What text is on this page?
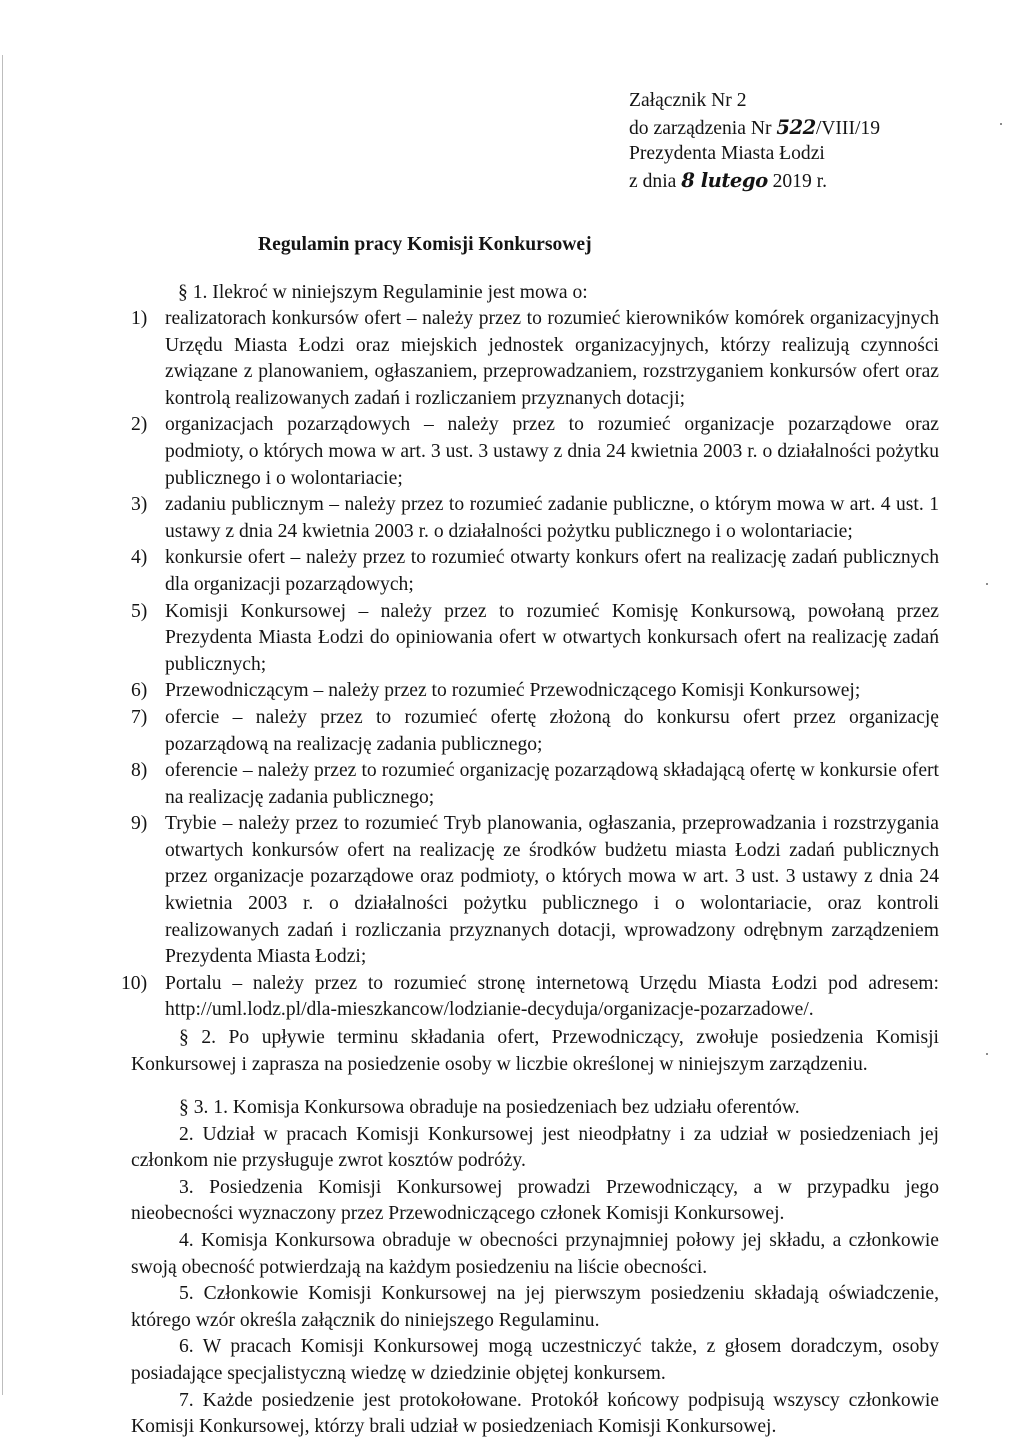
Załącznik Nr 2
do zarządzenia Nr 522/VIII/19
Prezydenta Miasta Łodzi
z dnia 8 lutego 2019 r.
Regulamin pracy Komisji Konkursowej
§ 1. Ilekroć w niniejszym Regulaminie jest mowa o:
1) realizatorach konkursów ofert – należy przez to rozumieć kierowników komórek organizacyjnych Urzędu Miasta Łodzi oraz miejskich jednostek organizacyjnych, którzy realizują czynności związane z planowaniem, ogłaszaniem, przeprowadzaniem, rozstrzyganiem konkursów ofert oraz kontrolą realizowanych zadań i rozliczaniem przyznanych dotacji;
2) organizacjach pozarządowych – należy przez to rozumieć organizacje pozarządowe oraz podmioty, o których mowa w art. 3 ust. 3 ustawy z dnia 24 kwietnia 2003 r. o działalności pożytku publicznego i o wolontariacie;
3) zadaniu publicznym – należy przez to rozumieć zadanie publiczne, o którym mowa w art. 4 ust. 1 ustawy z dnia 24 kwietnia 2003 r. o działalności pożytku publicznego i o wolontariacie;
4) konkursie ofert – należy przez to rozumieć otwarty konkurs ofert na realizację zadań publicznych dla organizacji pozarządowych;
5) Komisji Konkursowej – należy przez to rozumieć Komisję Konkursową, powołaną przez Prezydenta Miasta Łodzi do opiniowania ofert w otwartych konkursach ofert na realizację zadań publicznych;
6) Przewodniczącym – należy przez to rozumieć Przewodniczącego Komisji Konkursowej;
7) ofercie – należy przez to rozumieć ofertę złożoną do konkursu ofert przez organizację pozarządową na realizację zadania publicznego;
8) oferencie – należy przez to rozumieć organizację pozarządową składającą ofertę w konkursie ofert na realizację zadania publicznego;
9) Trybie – należy przez to rozumieć Tryb planowania, ogłaszania, przeprowadzania i rozstrzygania otwartych konkursów ofert na realizację ze środków budżetu miasta Łodzi zadań publicznych przez organizacje pozarządowe oraz podmioty, o których mowa w art. 3 ust. 3 ustawy z dnia 24 kwietnia 2003 r. o działalności pożytku publicznego i o wolontariacie, oraz kontroli realizowanych zadań i rozliczania przyznanych dotacji, wprowadzony odrębnym zarządzeniem Prezydenta Miasta Łodzi;
10) Portalu – należy przez to rozumieć stronę internetową Urzędu Miasta Łodzi pod adresem: http://uml.lodz.pl/dla-mieszkancow/lodzianie-decyduja/organizacje-pozarzadowe/.
§ 2. Po upływie terminu składania ofert, Przewodniczący, zwołuje posiedzenia Komisji Konkursowej i zaprasza na posiedzenie osoby w liczbie określonej w niniejszym zarządzeniu.

§ 3. 1. Komisja Konkursowa obraduje na posiedzeniach bez udziału oferentów.

2. Udział w pracach Komisji Konkursowej jest nieodpłatny i za udział w posiedzeniach jej członkom nie przysługuje zwrot kosztów podróży.

3. Posiedzenia Komisji Konkursowej prowadzi Przewodniczący, a w przypadku jego nieobecności wyznaczony przez Przewodniczącego członek Komisji Konkursowej.

4. Komisja Konkursowa obraduje w obecności przynajmniej połowy jej składu, a członkowie swoją obecność potwierdzają na każdym posiedzeniu na liście obecności.

5. Członkowie Komisji Konkursowej na jej pierwszym posiedzeniu składają oświadczenie, którego wzór określa załącznik do niniejszego Regulaminu.

6. W pracach Komisji Konkursowej mogą uczestniczyć także, z głosem doradczym, osoby posiadające specjalistyczną wiedzę w dziedzinie objętej konkursem.

7. Każde posiedzenie jest protokołowane. Protokół końcowy podpisują wszyscy członkowie Komisji Konkursowej, którzy brali udział w posiedzeniach Komisji Konkursowej.
